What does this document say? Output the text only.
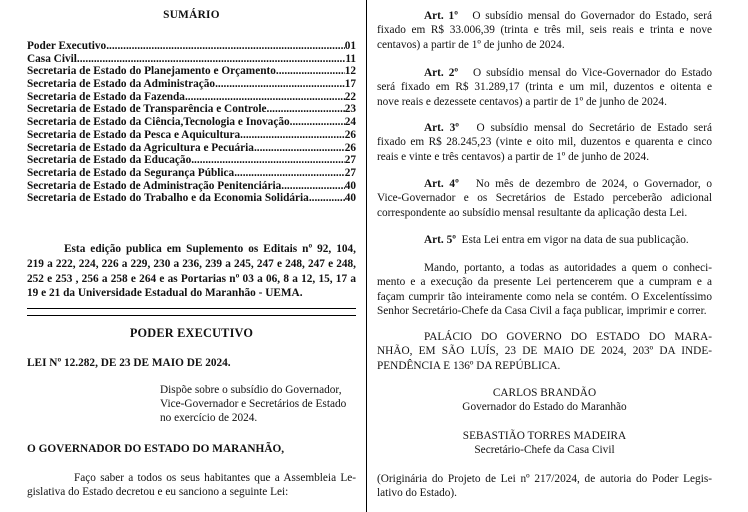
SUMÁRIO
Poder Executivo .....	01
Casa Civil .....	11
Secretaria de Estado do Planejamento e Orçamento .....	12
Secretaria de Estado da Administração .....	17
Secretaria de Estado da Fazenda .....	22
Secretaria de Estado de Transparência e Controle .....	23
Secretaria de Estado da Ciência,Tecnologia e Inovação .....	24
Secretaria de Estado da Pesca e Aquicultura .....	26
Secretaria de Estado da Agricultura e Pecuária .....	26
Secretaria de Estado da Educação .....	27
Secretaria de Estado da Segurança Pública .....	27
Secretaria de Estado de Administração Penitenciária .....	40
Secretaria de Estado do Trabalho e da Economia Solidária .....	40
Esta edição publica em Suplemento os Editais nº 92, 104,
219 a 222, 224, 226 a 229, 230 a 236, 239 a 245, 247 e 248, 247 e 248,
252 e 253 , 256 a 258 e 264 e as Portarias nº 03 a 06, 8 a 12, 15, 17 a
19 e 21 da Universidade Estadual do Maranhão - UEMA.
PODER EXECUTIVO
LEI Nº 12.282, DE 23 DE MAIO DE 2024.
Dispõe sobre o subsídio do Governador,
Vice-Governador e Secretários de Estado
no exercício de 2024.
O GOVERNADOR DO ESTADO DO MARANHÃO,
Faço saber a todos os seus habitantes que a Assembleia Le-
gislativa do Estado decretou e eu sanciono a seguinte Lei:
Art. 1º O subsídio mensal do Governador do Estado, será
fixado em R$ 33.006,39 (trinta e três mil, seis reais e trinta e nove
centavos) a partir de 1º de junho de 2024.
Art. 2º O subsídio mensal do Vice-Governador do Estado
será fixado em R$ 31.289,17 (trinta e um mil, duzentos e oitenta e
nove reais e dezessete centavos) a partir de 1º de junho de 2024.
Art. 3º O subsídio mensal do Secretário de Estado será
fixado em R$ 28.245,23 (vinte e oito mil, duzentos e quarenta e cinco
reais e vinte e três centavos) a partir de 1º de junho de 2024.
Art. 4º No mês de dezembro de 2024, o Governador, o
Vice-Governador e os Secretários de Estado perceberão adicional
correspondente ao subsídio mensal resultante da aplicação desta Lei.
Art. 5º Esta Lei entra em vigor na data de sua publicação.
Mando, portanto, a todas as autoridades a quem o conheci-
mento e a execução da presente Lei pertencerem que a cumpram e a
façam cumprir tão inteiramente como nela se contém. O Excelentíssimo
Senhor Secretário-Chefe da Casa Civil a faça publicar, imprimir e correr.
PALÁCIO DO GOVERNO DO ESTADO DO MARA-
NHÃO, EM SÃO LUÍS, 23 DE MAIO DE 2024, 203º DA INDE-
PENDÊNCIA E 136º DA REPÚBLICA.
CARLOS BRANDÃO
Governador do Estado do Maranhão
SEBASTIÃO TORRES MADEIRA
Secretário-Chefe da Casa Civil
(Originária do Projeto de Lei nº 217/2024, de autoria do Poder Legis-
lativo do Estado).
